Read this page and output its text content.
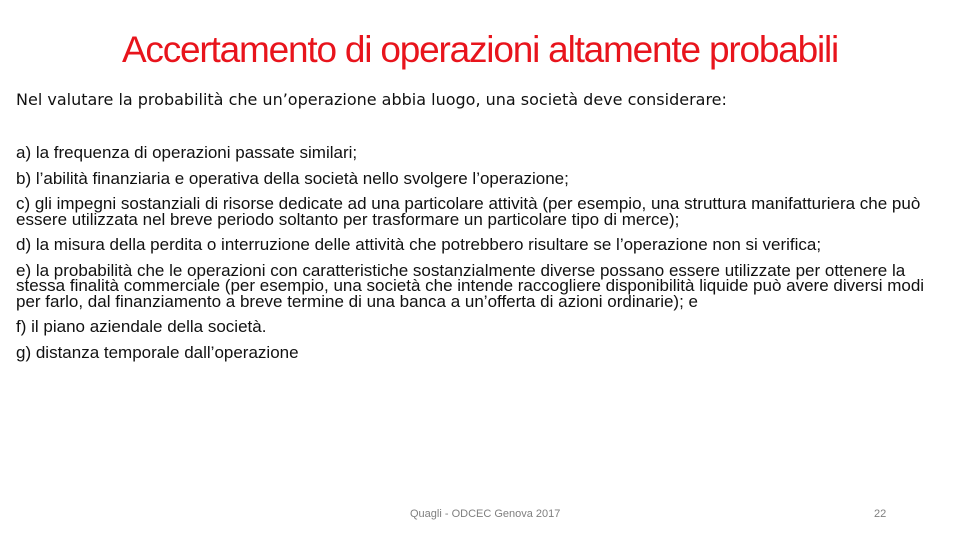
Accertamento di operazioni altamente probabili
Nel valutare la probabilità che un’operazione abbia luogo, una società deve considerare:
a) la frequenza di operazioni passate similari;
b) l’abilità finanziaria e operativa della società nello svolgere l’operazione;
c) gli impegni sostanziali di risorse dedicate ad una particolare attività (per esempio, una struttura manifatturiera che può essere utilizzata nel breve periodo soltanto per trasformare un particolare tipo di merce);
d) la misura della perdita o interruzione delle attività che potrebbero risultare se l’operazione non si verifica;
e) la probabilità che le operazioni con caratteristiche sostanzialmente diverse possano essere utilizzate per ottenere la stessa finalità commerciale (per esempio, una società che intende raccogliere disponibilità liquide può avere diversi modi per farlo, dal finanziamento a breve termine di una banca a un’offerta di azioni ordinarie); e
f) il piano aziendale della società.
g) distanza temporale dall’operazione
Quagli - ODCEC Genova 2017	22
